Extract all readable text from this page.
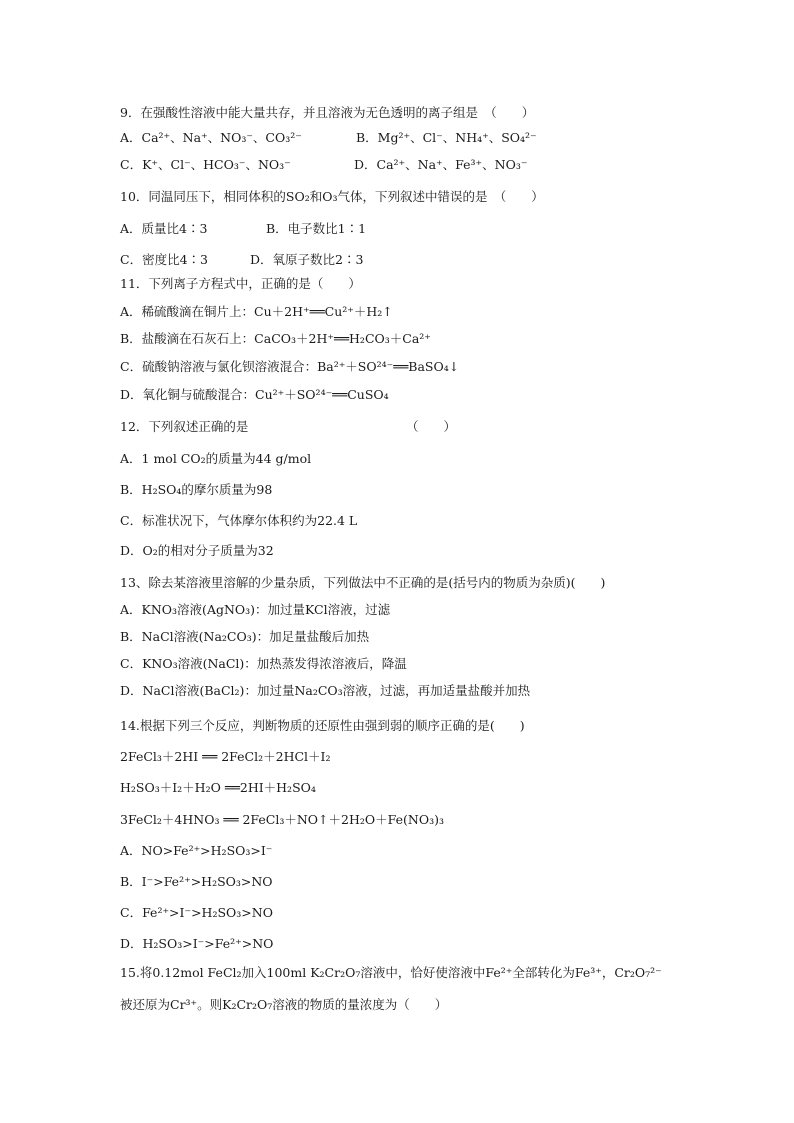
9．在强酸性溶液中能大量共存，并且溶液为无色透明的离子组是　（　　）
A．Ca²⁺、Na⁺、NO₃⁻、CO₃²⁻	B．Mg²⁺、Cl⁻、NH₄⁺、SO₄²⁻
C．K⁺、Cl⁻、HCO₃⁻、NO₃⁻	D．Ca²⁺、Na⁺、Fe³⁺、NO₃⁻
10．同温同压下，相同体积的SO₂和O₃气体，下列叙述中错误的是　（　　）
A．质量比4∶3	B．电子数比1∶1
C．密度比4∶3	D．氧原子数比2∶3
11．下列离子方程式中，正确的是（　　）
A．稀硫酸滴在铜片上：Cu＋2H⁺══Cu²⁺＋H₂↑
B．盐酸滴在石灰石上：CaCO₃＋2H⁺══H₂CO₃＋Ca²⁺
C．硫酸钠溶液与氯化钡溶液混合：Ba²⁺＋SO²⁴⁻══BaSO₄↓
D．氧化铜与硫酸混合：Cu²⁺＋SO²⁴⁻══CuSO₄
12．下列叙述正确的是	（　　）
A．1 mol CO₂的质量为44 g/mol
B．H₂SO₄的摩尔质量为98
C．标准状况下，气体摩尔体积约为22.4 L
D．O₂的相对分子质量为32
13、除去某溶液里溶解的少量杂质，下列做法中不正确的是(括号内的物质为杂质)(　　)
A．KNO₃溶液(AgNO₃)：加过量KCl溶液，过滤
B．NaCl溶液(Na₂CO₃)：加足量盐酸后加热
C．KNO₃溶液(NaCl)：加热蒸发得浓溶液后，降温
D．NaCl溶液(BaCl₂)：加过量Na₂CO₃溶液，过滤，再加适量盐酸并加热
14.根据下列三个反应，判断物质的还原性由强到弱的顺序正确的是(　　)
2FeCl₃＋2HI ══ 2FeCl₂＋2HCl＋I₂
H₂SO₃＋I₂＋H₂O ══2HI＋H₂SO₄
3FeCl₂＋4HNO₃ ══ 2FeCl₃＋NO↑＋2H₂O＋Fe(NO₃)₃
A．NO>Fe²⁺>H₂SO₃>I⁻
B．I⁻>Fe²⁺>H₂SO₃>NO
C．Fe²⁺>I⁻>H₂SO₃>NO
D．H₂SO₃>I⁻>Fe²⁺>NO
15.将0.12mol FeCl₂加入100ml K₂Cr₂O₇溶液中，恰好使溶液中Fe²⁺全部转化为Fe³⁺，Cr₂O₇²⁻
被还原为Cr³⁺。则K₂Cr₂O₇溶液的物质的量浓度为（　　）
